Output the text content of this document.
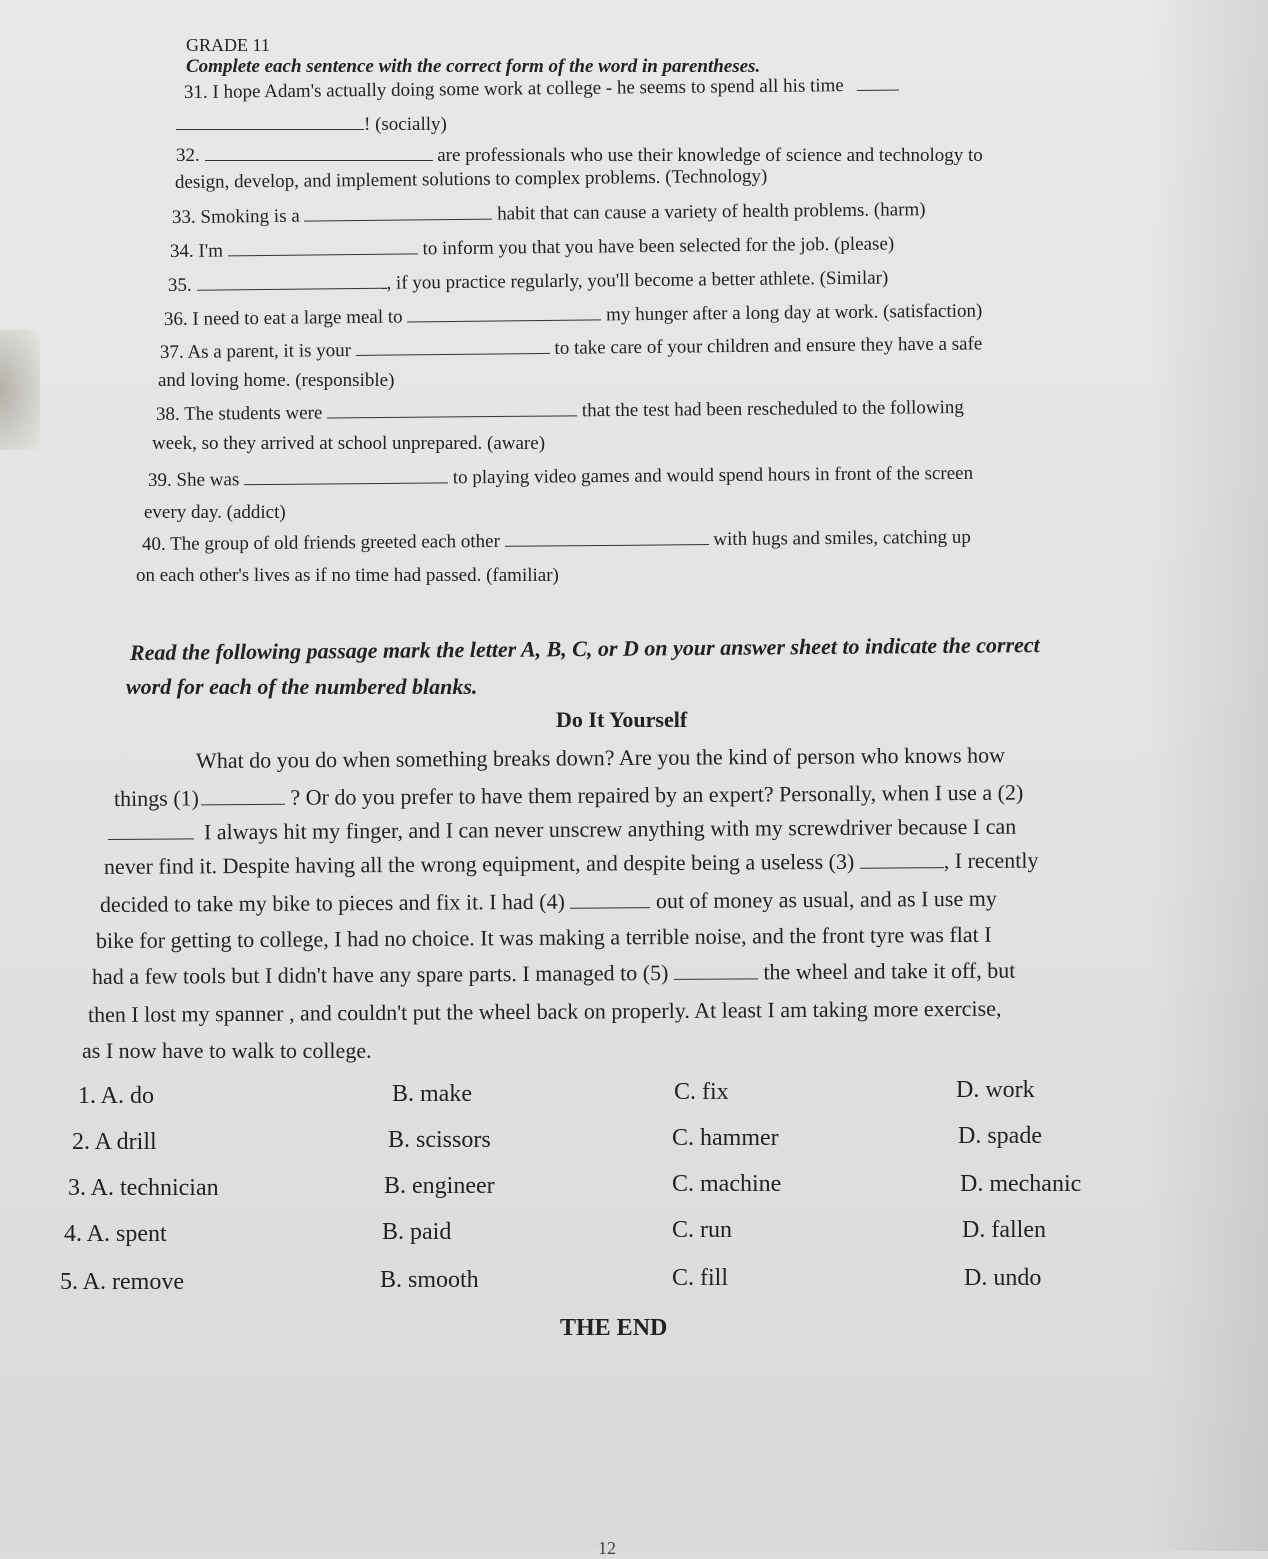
GRADE 11
Complete each sentence with the correct form of the word in parentheses.
31. I hope Adam's actually doing some work at college - he seems to spend all his time
! (socially)
32.	are professionals who use their knowledge of science and technology to
design, develop, and implement solutions to complex problems. (Technology)
33. Smoking is a	habit that can cause a variety of health problems. (harm)
34. I'm	to inform you that you have been selected for the job. (please)
35.	, if you practice regularly, you'll become a better athlete. (Similar)
36. I need to eat a large meal to	my hunger after a long day at work. (satisfaction)
37. As a parent, it is your	to take care of your children and ensure they have a safe
and loving home. (responsible)
38. The students were	that the test had been rescheduled to the following
week, so they arrived at school unprepared. (aware)
39. She was	to playing video games and would spend hours in front of the screen
every day. (addict)
40. The group of old friends greeted each other	with hugs and smiles, catching up
on each other's lives as if no time had passed. (familiar)
Read the following passage mark the letter A, B, C, or D on your answer sheet to indicate the correct
word for each of the numbered blanks.
Do It Yourself
What do you do when something breaks down? Are you the kind of person who knows how
things (1)	? Or do you prefer to have them repaired by an expert? Personally, when I use a (2)
I always hit my finger, and I can never unscrew anything with my screwdriver because I can
never find it. Despite having all the wrong equipment, and despite being a useless (3)	, I recently
decided to take my bike to pieces and fix it. I had (4)	out of money as usual, and as I use my
bike for getting to college, I had no choice. It was making a terrible noise, and the front tyre was flat I
had a few tools but I didn't have any spare parts. I managed to (5)	the wheel and take it off, but
then I lost my spanner , and couldn't put the wheel back on properly. At least I am taking more exercise,
as I now have to walk to college.
1. A. do	B. make	C. fix	D. work
2. A drill	B. scissors	C. hammer	D. spade
3. A. technician	B. engineer	C. machine	D. mechanic
4. A. spent	B. paid	C. run	D. fallen
5. A. remove	B. smooth	C. fill	D. undo
THE END
12
